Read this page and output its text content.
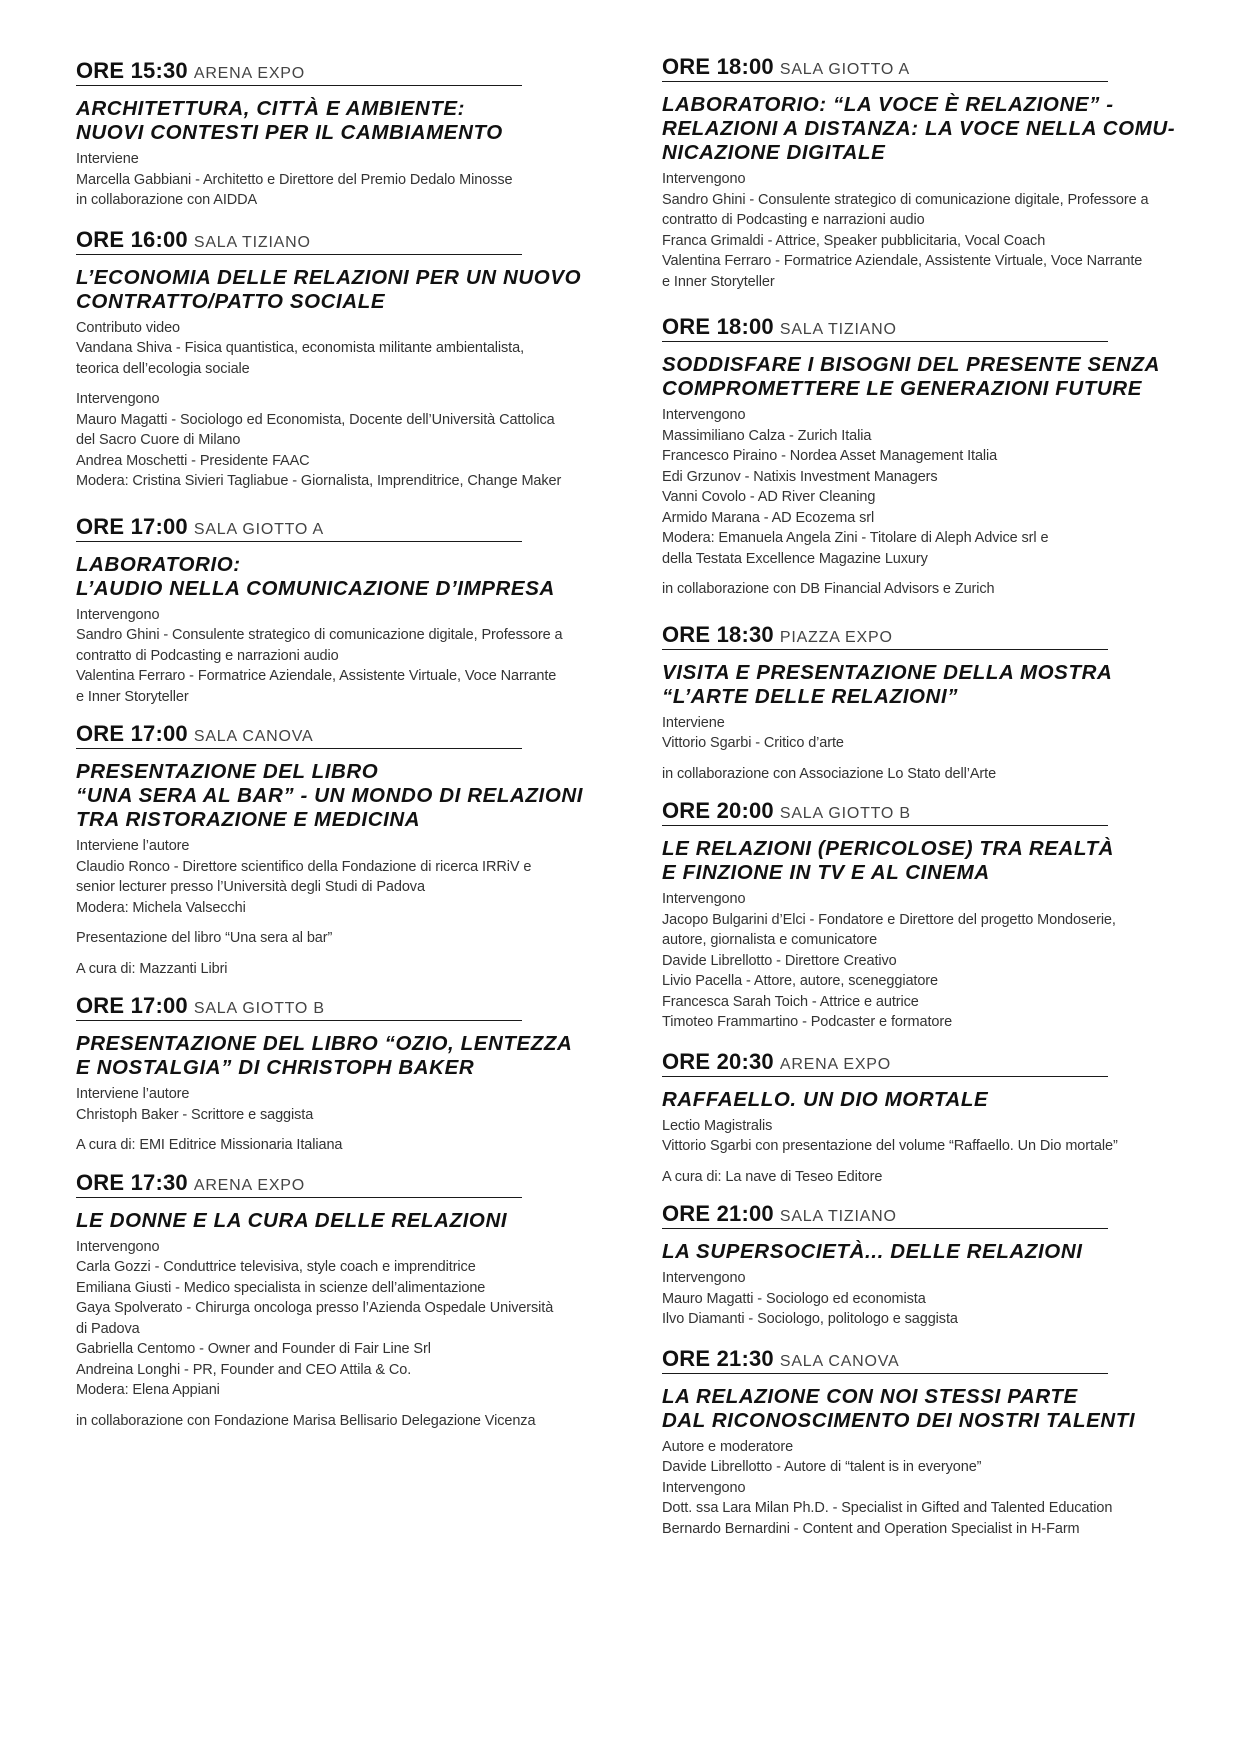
ORE 15:30 ARENA EXPO
ARCHITETTURA, CITTÀ E AMBIENTE:
NUOVI CONTESTI PER IL CAMBIAMENTO
Interviene
Marcella Gabbiani - Architetto e Direttore del Premio Dedalo Minosse
in collaborazione con AIDDA
ORE 16:00 SALA TIZIANO
L’ECONOMIA DELLE RELAZIONI PER UN NUOVO
CONTRATTO/PATTO SOCIALE
Contributo video
Vandana Shiva - Fisica quantistica, economista militante ambientalista,
teorica dell’ecologia sociale
Intervengono
Mauro Magatti - Sociologo ed Economista, Docente dell’Università Cattolica
del Sacro Cuore di Milano
Andrea Moschetti - Presidente FAAC
Modera: Cristina Sivieri Tagliabue - Giornalista, Imprenditrice, Change Maker
ORE 17:00 SALA GIOTTO A
LABORATORIO:
L’AUDIO NELLA COMUNICAZIONE D’IMPRESA
Intervengono
Sandro Ghini - Consulente strategico di comunicazione digitale, Professore a
contratto di Podcasting e narrazioni audio
Valentina Ferraro - Formatrice Aziendale, Assistente Virtuale, Voce Narrante
e Inner Storyteller
ORE 17:00 SALA CANOVA
PRESENTAZIONE DEL LIBRO
“UNA SERA AL BAR” - UN MONDO DI RELAZIONI
TRA RISTORAZIONE E MEDICINA
Interviene l’autore
Claudio Ronco - Direttore scientifico della Fondazione di ricerca IRRiV e
senior lecturer presso l’Università degli Studi di Padova
Modera: Michela Valsecchi
Presentazione del libro “Una sera al bar”
A cura di: Mazzanti Libri
ORE 17:00 SALA GIOTTO B
PRESENTAZIONE DEL LIBRO “OZIO, LENTEZZA
E NOSTALGIA” DI CHRISTOPH BAKER
Interviene l’autore
Christoph Baker - Scrittore e saggista
A cura di: EMI Editrice Missionaria Italiana
ORE 17:30 ARENA EXPO
LE DONNE E LA CURA DELLE RELAZIONI
Intervengono
Carla Gozzi - Conduttrice televisiva, style coach e imprenditrice
Emiliana Giusti - Medico specialista in scienze dell’alimentazione
Gaya Spolverato - Chirurga oncologa presso l’Azienda Ospedale Università
di Padova
Gabriella Centomo - Owner and Founder di Fair Line Srl
Andreina Longhi - PR, Founder and CEO Attila & Co.
Modera: Elena Appiani
in collaborazione con Fondazione Marisa Bellisario Delegazione Vicenza
ORE 18:00 SALA GIOTTO A
LABORATORIO: “LA VOCE È RELAZIONE” -
RELAZIONI A DISTANZA: LA VOCE NELLA COMU-
NICAZIONE DIGITALE
Intervengono
Sandro Ghini - Consulente strategico di comunicazione digitale, Professore a
contratto di Podcasting e narrazioni audio
Franca Grimaldi - Attrice, Speaker pubblicitaria, Vocal Coach
Valentina Ferraro - Formatrice Aziendale, Assistente Virtuale, Voce Narrante
e Inner Storyteller
ORE 18:00 SALA TIZIANO
SODDISFARE I BISOGNI DEL PRESENTE SENZA
COMPROMETTERE LE GENERAZIONI FUTURE
Intervengono
Massimiliano Calza - Zurich Italia
Francesco Piraino - Nordea Asset Management Italia
Edi Grzunov - Natixis Investment Managers
Vanni Covolo - AD River Cleaning
Armido Marana - AD Ecozema srl
Modera: Emanuela Angela Zini - Titolare di Aleph Advice srl e
della Testata Excellence Magazine Luxury
in collaborazione con DB Financial Advisors e Zurich
ORE 18:30 PIAZZA EXPO
VISITA E PRESENTAZIONE DELLA MOSTRA
“L’ARTE DELLE RELAZIONI”
Interviene
Vittorio Sgarbi - Critico d’arte
in collaborazione con Associazione Lo Stato dell’Arte
ORE 20:00 SALA GIOTTO B
LE RELAZIONI (PERICOLOSE) TRA REALTÀ
E FINZIONE IN TV E AL CINEMA
Intervengono
Jacopo Bulgarini d’Elci - Fondatore e Direttore del progetto Mondoserie,
autore, giornalista e comunicatore
Davide Librellotto - Direttore Creativo
Livio Pacella - Attore, autore, sceneggiatore
Francesca Sarah Toich - Attrice e autrice
Timoteo Frammartino - Podcaster e formatore
ORE 20:30 ARENA EXPO
RAFFAELLO. UN DIO MORTALE
Lectio Magistralis
Vittorio Sgarbi con presentazione del volume “Raffaello. Un Dio mortale”
A cura di: La nave di Teseo Editore
ORE 21:00 SALA TIZIANO
LA SUPERSOCIETÀ... DELLE RELAZIONI
Intervengono
Mauro Magatti - Sociologo ed economista
Ilvo Diamanti - Sociologo, politologo e saggista
ORE 21:30 SALA CANOVA
LA RELAZIONE CON NOI STESSI PARTE
DAL RICONOSCIMENTO DEI NOSTRI TALENTI
Autore e moderatore
Davide Librellotto - Autore di “talent is in everyone”
Intervengono
Dott. ssa Lara Milan Ph.D. - Specialist in Gifted and Talented Education
Bernardo Bernardini - Content and Operation Specialist in H-Farm
